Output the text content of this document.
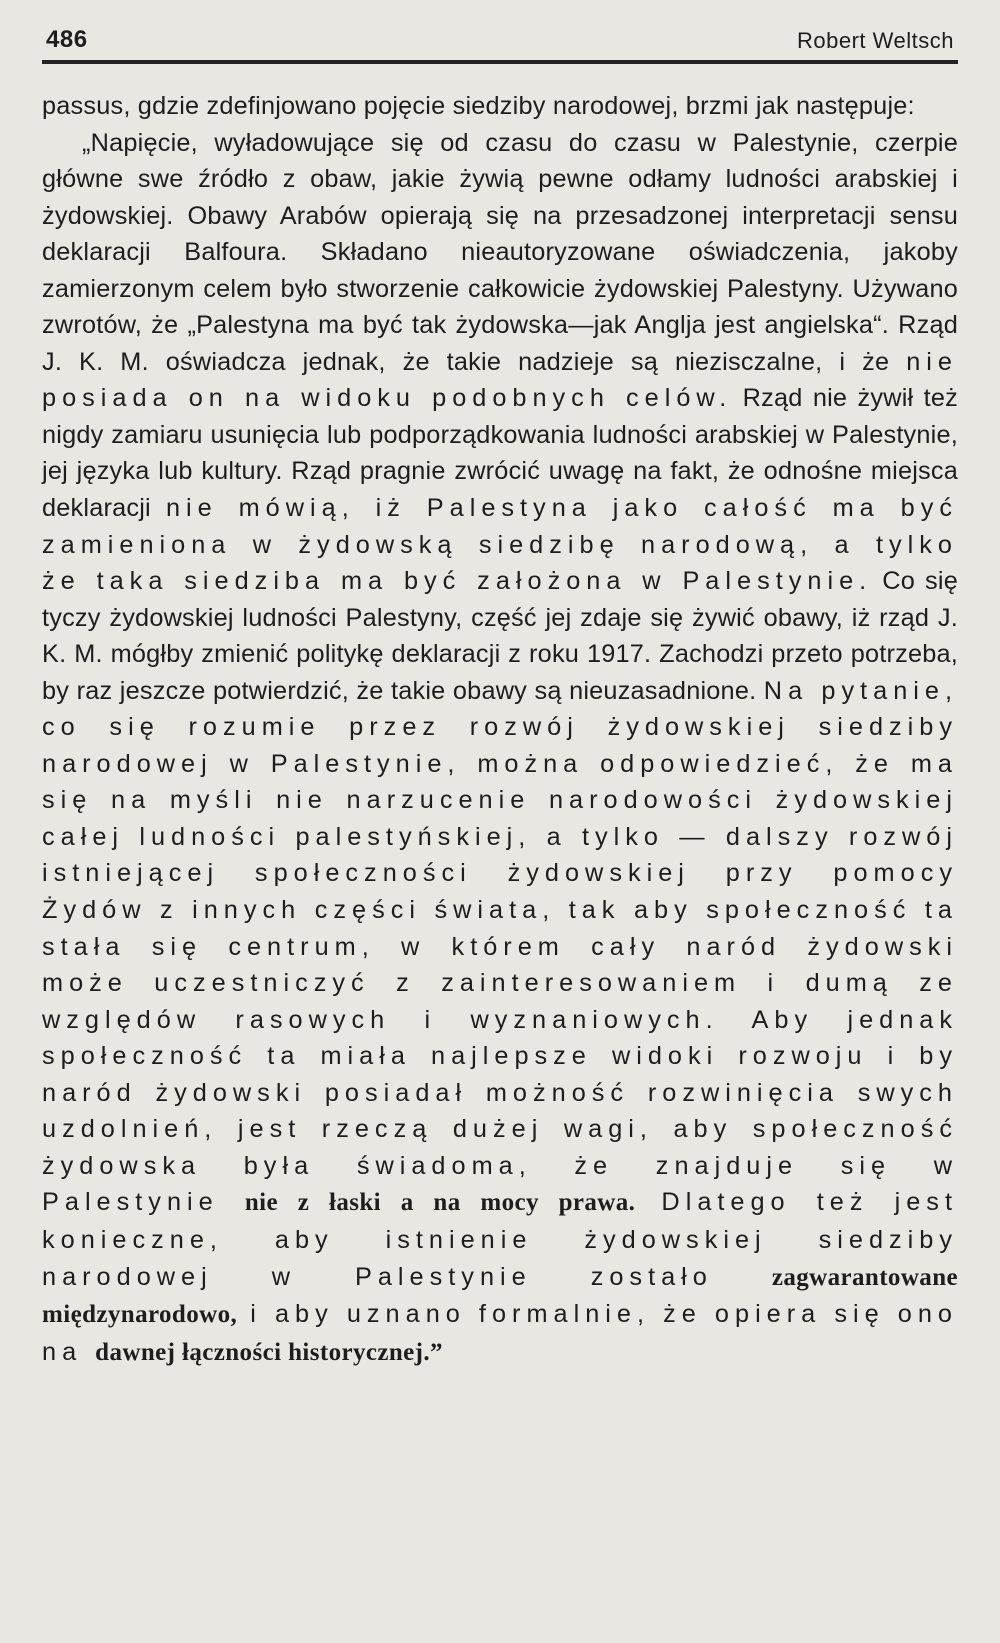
486	Robert Weltsch

passus, gdzie zdefinjowano pojęcie siedziby narodowej, brzmi jak następuje:

„Napięcie, wyładowujące się od czasu do czasu w Palestynie, czerpie główne swe źródło z obaw, jakie żywią pewne odłamy ludności arabskiej i żydowskiej. Obawy Arabów opierają się na przesadzonej interpretacji sensu deklaracji Balfoura. Składano nieautoryzowane oświadczenia, jakoby zamierzonym celem było stworzenie całkowicie żydowskiej Palestyny. Używano zwrotów, że „Palestyna ma być tak żydowska—jak Anglja jest angielska“. Rząd J. K. M. oświadcza jednak, że takie nadzieje są niezisczalne, i że nie posiada on na widoku podobnych celów. Rząd nie żywił też nigdy zamiaru usunięcia lub podporządkowania ludności arabskiej w Palestynie, jej języka lub kultury. Rząd pragnie zwrócić uwagę na fakt, że odnośne miejsca deklaracji nie mówią, iż Palestyna jako całość ma być zamieniona w żydowską siedzibę narodową, a tylko że taka siedziba ma być założona w Palestynie. Co się tyczy żydowskiej ludności Palestyny, część jej zdaje się żywić obawy, iż rząd J. K. M. mógłby zmienić politykę deklaracji z roku 1917. Zachodzi przeto potrzeba, by raz jeszcze potwierdzić, że takie obawy są nieuzasadnione. Na pytanie, co się rozumie przez rozwój żydowskiej siedziby narodowej w Palestynie, można odpowiedzieć, że ma się na myśli nie narzucenie narodowości żydowskiej całej ludności palestyńskiej, a tylko — dalszy rozwój istniejącej społeczności żydowskiej przy pomocy Żydów z innych części świata, tak aby społeczność ta stała się centrum, w którem cały naród żydowski może uczestniczyć z zainteresowaniem i dumą ze względów rasowych i wyznaniowych. Aby jednak społeczność ta miała najlepsze widoki rozwoju i by naród żydowski posiadał możność rozwinięcia swych uzdolnień, jest rzeczą dużej wagi, aby społeczność żydowska była świadoma, że znajduje się w Palestynie nie z łaski a na mocy prawa. Dlatego też jest konieczne, aby istnienie żydowskiej siedziby narodowej w Palestynie zostało zagwarantowane międzynarodowo, i aby uznano formalnie, że opiera się ono na dawnej łączności historycznej.”
